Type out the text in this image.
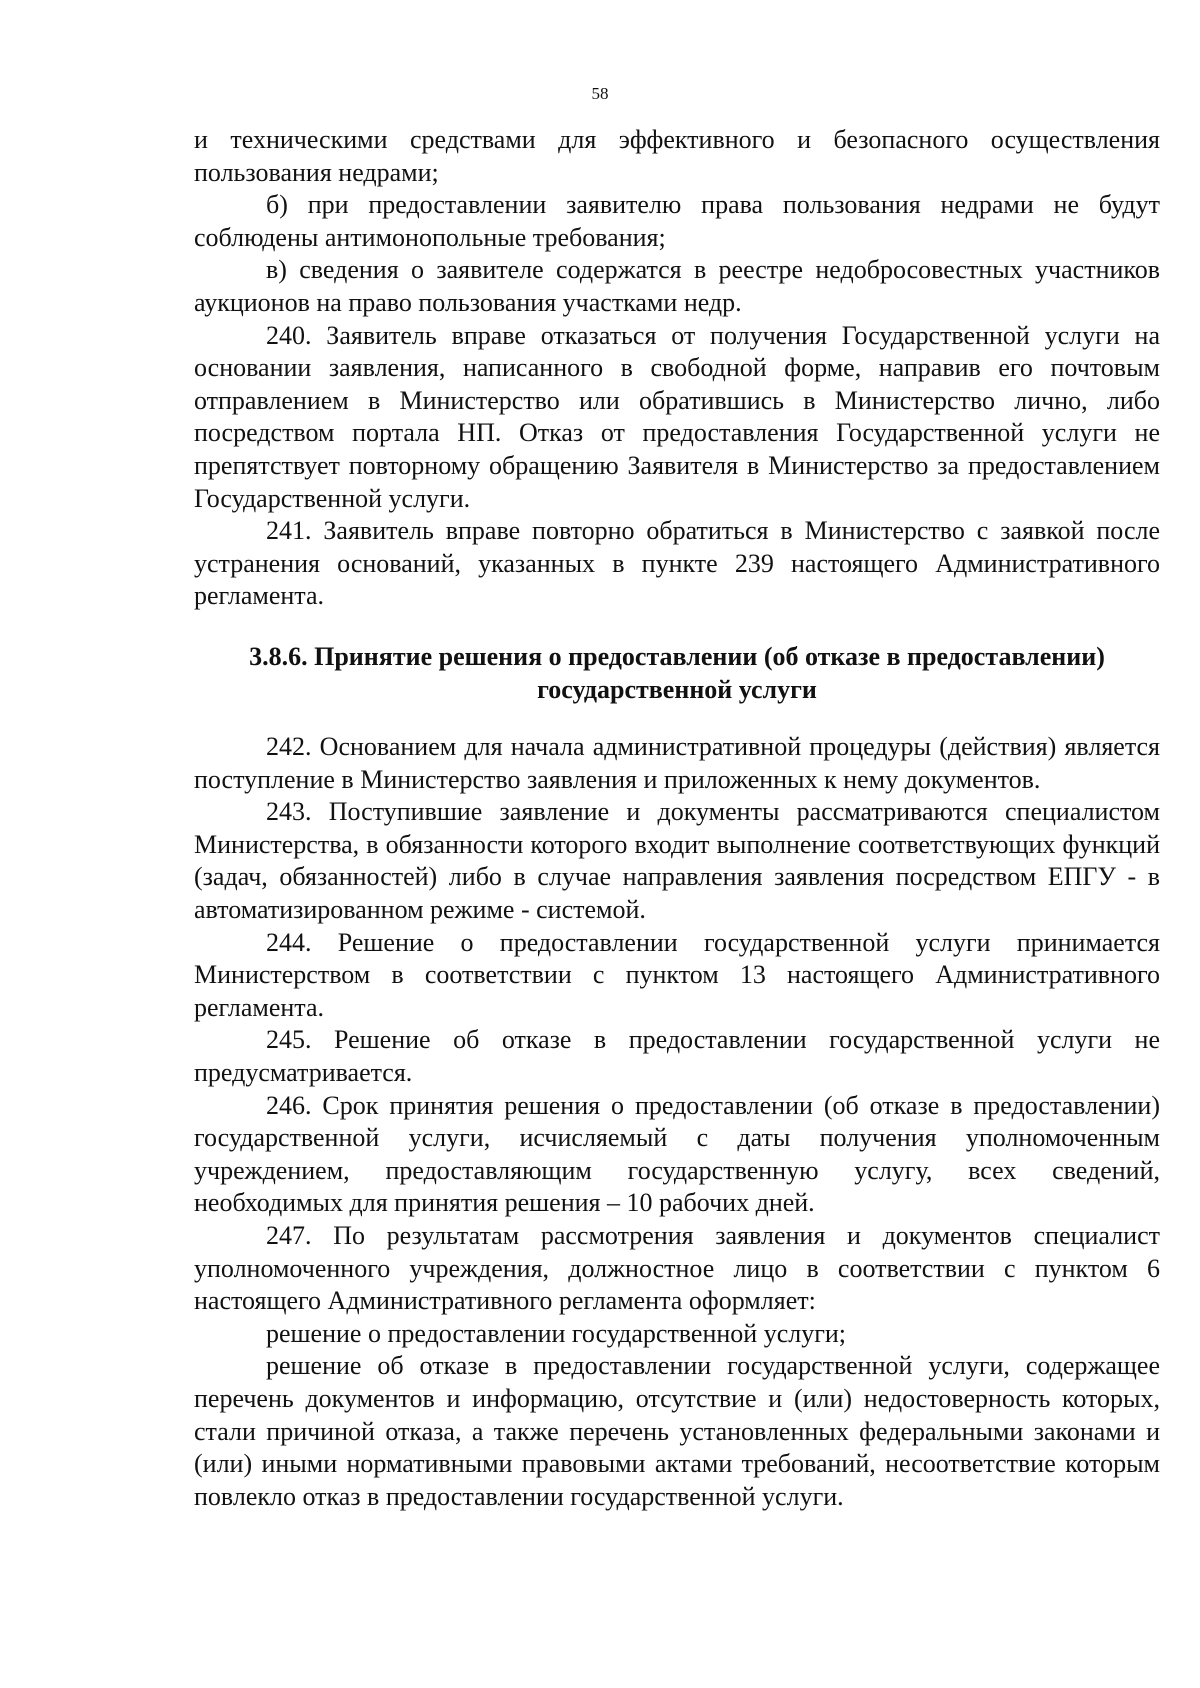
58

и техническими средствами для эффективного и безопасного осуществления пользования недрами;

б) при предоставлении заявителю права пользования недрами не будут соблюдены антимонопольные требования;

в) сведения о заявителе содержатся в реестре недобросовестных участников аукционов на право пользования участками недр.

240. Заявитель вправе отказаться от получения Государственной услуги на основании заявления, написанного в свободной форме, направив его почтовым отправлением в Министерство или обратившись в Министерство лично, либо посредством портала НП. Отказ от предоставления Государственной услуги не препятствует повторному обращению Заявителя в Министерство за предоставлением Государственной услуги.

241. Заявитель вправе повторно обратиться в Министерство с заявкой после устранения оснований, указанных в пункте 239 настоящего Административного регламента.

3.8.6. Принятие решения о предоставлении (об отказе в предоставлении)
государственной услуги

242. Основанием для начала административной процедуры (действия) является поступление в Министерство заявления и приложенных к нему документов.

243. Поступившие заявление и документы рассматриваются специалистом Министерства, в обязанности которого входит выполнение соответствующих функций (задач, обязанностей) либо в случае направления заявления посредством ЕПГУ - в автоматизированном режиме - системой.

244. Решение о предоставлении государственной услуги принимается Министерством в соответствии с пунктом 13 настоящего Административного регламента.

245. Решение об отказе в предоставлении государственной услуги не предусматривается.

246. Срок принятия решения о предоставлении (об отказе в предоставлении) государственной услуги, исчисляемый с даты получения уполномоченным учреждением, предоставляющим государственную услугу, всех сведений, необходимых для принятия решения – 10 рабочих дней.

247. По результатам рассмотрения заявления и документов специалист уполномоченного учреждения, должностное лицо в соответствии с пунктом 6 настоящего Административного регламента оформляет:

решение о предоставлении государственной услуги;

решение об отказе в предоставлении государственной услуги, содержащее перечень документов и информацию, отсутствие и (или) недостоверность которых, стали причиной отказа, а также перечень установленных федеральными законами и (или) иными нормативными правовыми актами требований, несоответствие которым повлекло отказ в предоставлении государственной услуги.
